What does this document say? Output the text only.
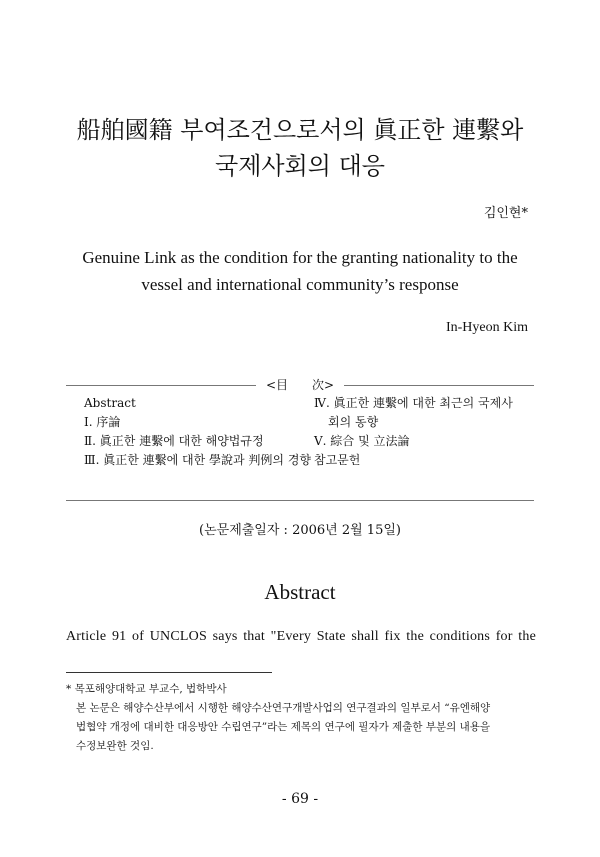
船舶國籍 부여조건으로서의 眞正한 連繫와
국제사회의 대응
김인현*
Genuine Link as the condition for the granting nationality to the
vessel and international community’s response
In-Hyeon Kim
<目　　次>
Abstract
Ⅰ. 序論
Ⅱ. 眞正한 連繫에 대한 해양법규정
Ⅲ. 眞正한 連繫에 대한 學說과 判例의 경향
Ⅳ. 眞正한 連繫에 대한 최근의 국제사
회의 동향
Ⅴ. 綜合 및 立法論
참고문헌
(논문제출일자 : 2006년 2월 15일)
Abstract
Article 91 of UNCLOS says that "Every State shall fix the conditions for the
* 목포해양대학교 부교수, 법학박사
본 논문은 해양수산부에서 시행한 해양수산연구개발사업의 연구결과의 일부로서 “유엔해양
법협약 개정에 대비한 대응방안 수립연구”라는 제목의 연구에 필자가 제출한 부분의 내용을
수정보완한 것임.
- 69 -
